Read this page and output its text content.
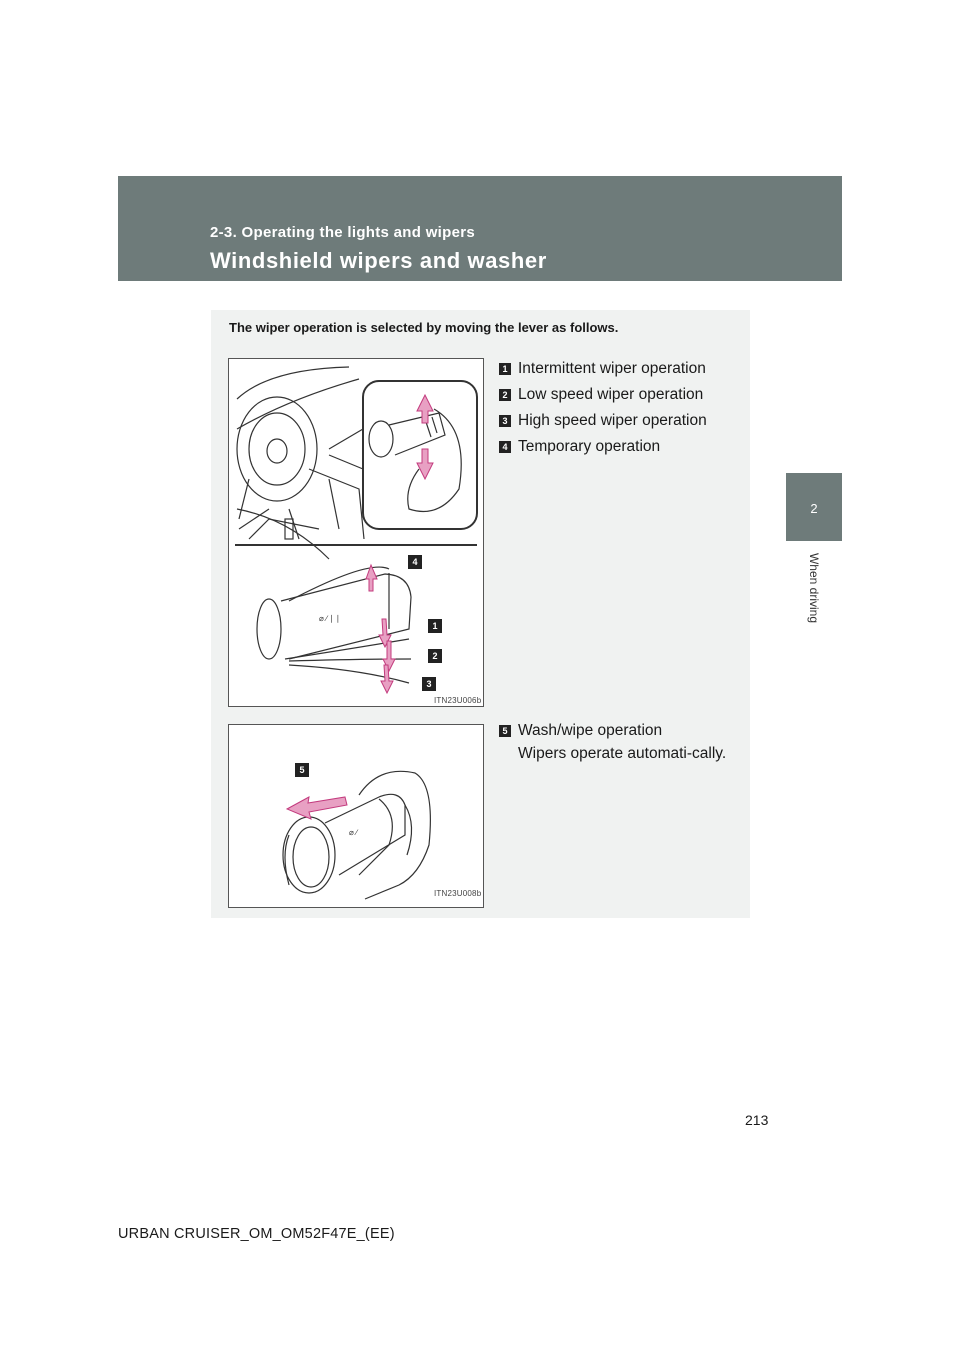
2-3. Operating the lights and wipers
Windshield wipers and washer
2
When driving
The wiper operation is selected by moving the lever as follows.
⌀ ∕ ∣ ∣
4
1
2
3
ITN23U006b
1 Intermittent wiper operation
2 Low speed wiper operation
3 High speed wiper operation
4 Temporary operation
⌀ ∕
5
ITN23U008b
5 Wash/wipe operation
Wipers operate automati-cally.
213
URBAN CRUISER_OM_OM52F47E_(EE)
